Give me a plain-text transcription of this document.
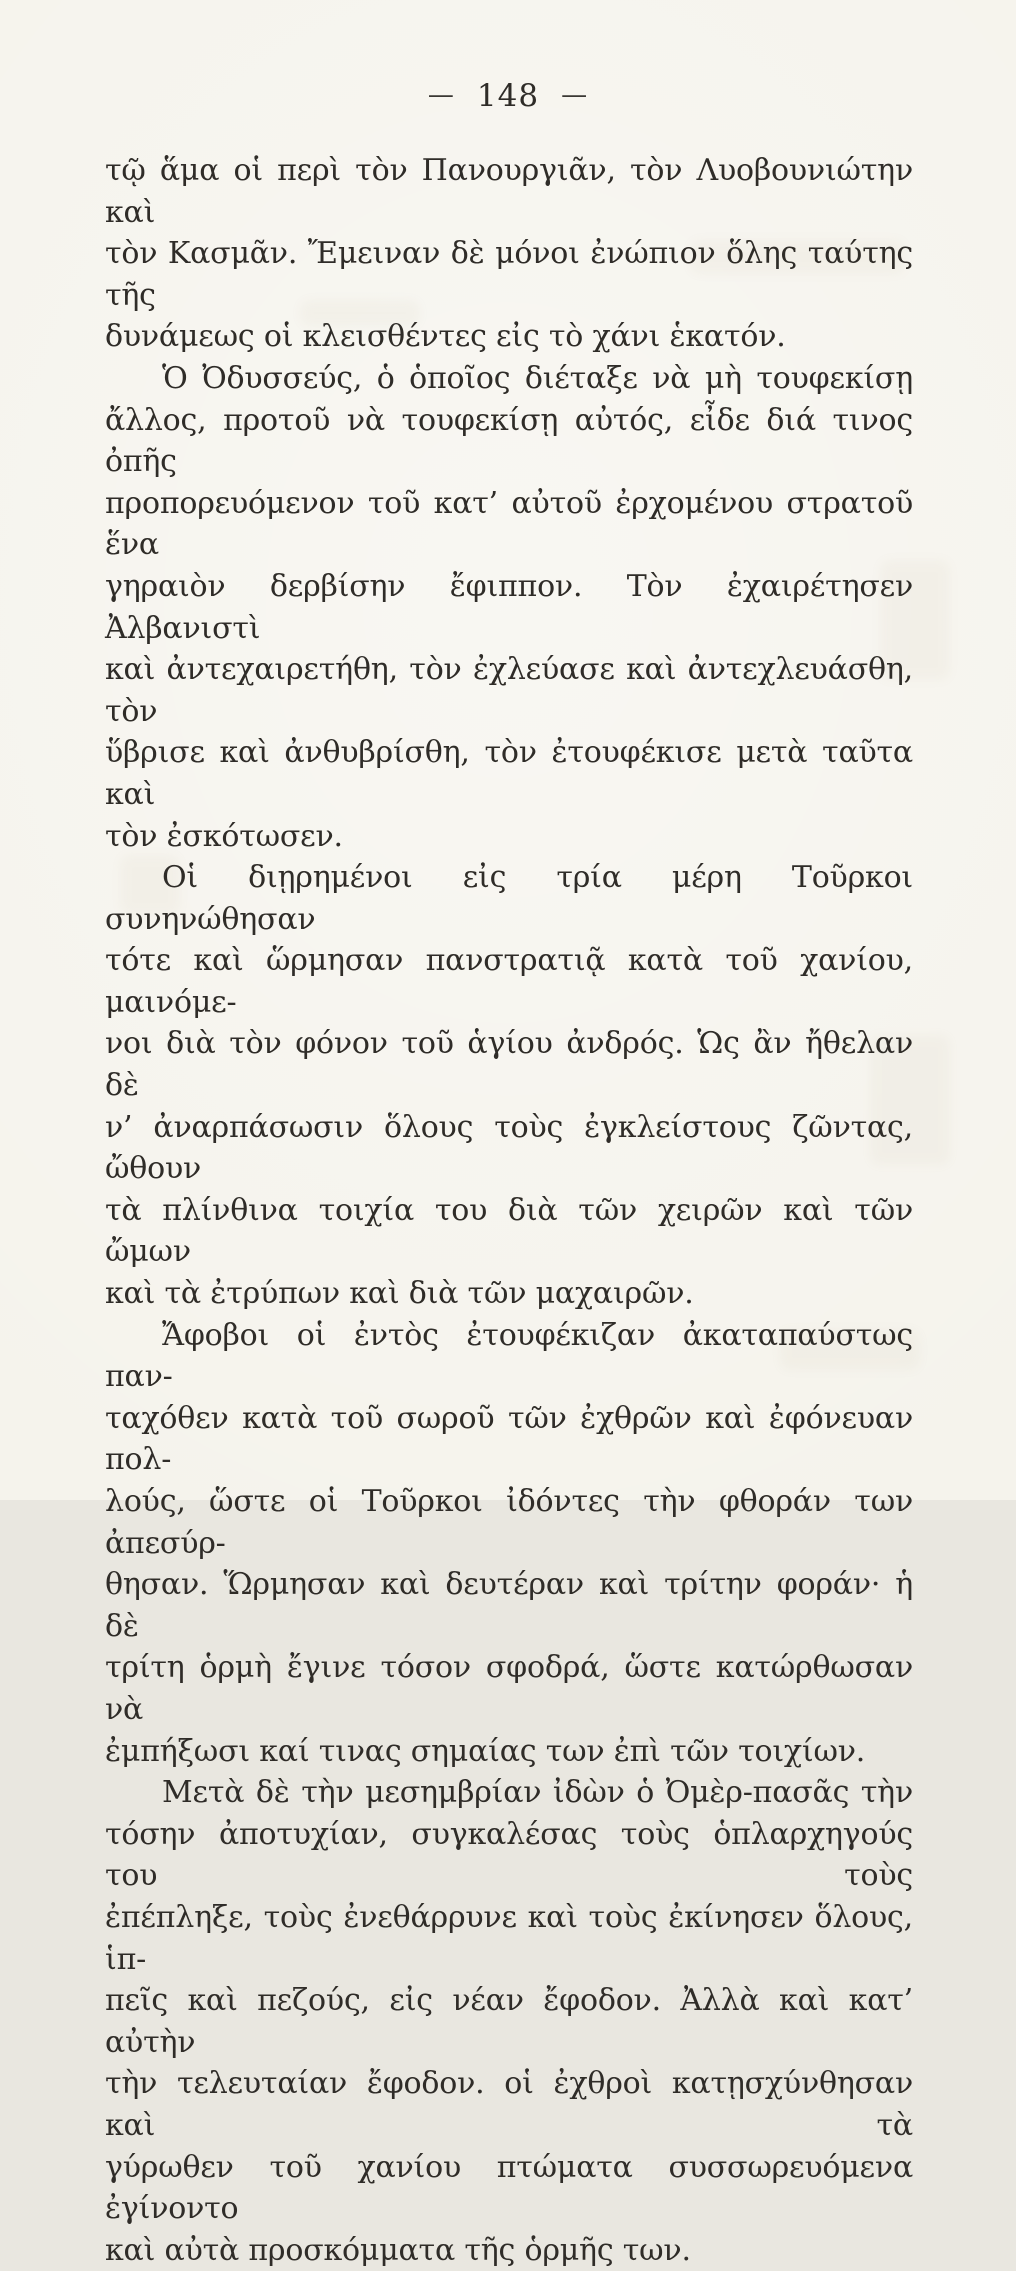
— 148 —
τῷ ἅμα οἱ περὶ τὸν Πανουργιᾶν, τὸν Λυοβουνιώτην καὶ
τὸν Κασμᾶν. Ἔμειναν δὲ μόνοι ἐνώπιον ὅλης ταύτης τῆς
δυνάμεως οἱ κλεισθέντες εἰς τὸ χάνι ἑκατόν.
Ὁ Ὀδυσσεύς, ὁ ὁποῖος διέταξε νὰ μὴ τουφεκίσῃ
ἄλλος, προτοῦ νὰ τουφεκίσῃ αὐτός, εἶδε διά τινος ὀπῆς
προπορευόμενον τοῦ κατ’ αὐτοῦ ἐρχομένου στρατοῦ ἕνα
γηραιὸν δερβίσην ἔφιππον. Τὸν ἐχαιρέτησεν Ἀλβανιστὶ
καὶ ἀντεχαιρετήθη, τὸν ἐχλεύασε καὶ ἀντεχλευάσθη, τὸν
ὕβρισε καὶ ἀνθυβρίσθη, τὸν ἐτουφέκισε μετὰ ταῦτα καὶ
τὸν ἐσκότωσεν.
Οἱ διῃρημένοι εἰς τρία μέρη Τοῦρκοι συνηνώθησαν
τότε καὶ ὥρμησαν πανστρατιᾷ κατὰ τοῦ χανίου, μαινόμε-
νοι διὰ τὸν φόνον τοῦ ἁγίου ἀνδρός. Ὡς ἂν ἤθελαν δὲ
ν’ ἀναρπάσωσιν ὅλους τοὺς ἐγκλείστους ζῶντας, ὤθουν
τὰ πλίνθινα τοιχία του διὰ τῶν χειρῶν καὶ τῶν ὤμων
καὶ τὰ ἐτρύπων καὶ διὰ τῶν μαχαιρῶν.
Ἄφοβοι οἱ ἐντὸς ἐτουφέκιζαν ἀκαταπαύστως παν-
ταχόθεν κατὰ τοῦ σωροῦ τῶν ἐχθρῶν καὶ ἐφόνευαν πολ-
λούς, ὥστε οἱ Τοῦρκοι ἰδόντες τὴν φθοράν των ἀπεσύρ-
θησαν. Ὥρμησαν καὶ δευτέραν καὶ τρίτην φοράν· ἡ δὲ
τρίτη ὁρμὴ ἔγινε τόσον σφοδρά, ὥστε κατώρθωσαν νὰ
ἐμπήξωσι καί τινας σημαίας των ἐπὶ τῶν τοιχίων.
Μετὰ δὲ τὴν μεσημβρίαν ἰδὼν ὁ Ὀμὲρ-πασᾶς τὴν
τόσην ἀποτυχίαν, συγκαλέσας τοὺς ὁπλαρχηγούς του τοὺς
ἐπέπληξε, τοὺς ἐνεθάρρυνε καὶ τοὺς ἐκίνησεν ὅλους, ἱπ-
πεῖς καὶ πεζούς, εἰς νέαν ἔφοδον. Ἀλλὰ καὶ κατ’ αὐτὴν
τὴν τελευταίαν ἔφοδον. οἱ ἐχθροὶ κατῃσχύνθησαν καὶ τὰ
γύρωθεν τοῦ χανίου πτώματα συσσωρευόμενα ἐγίνοντο
καὶ αὐτὰ προσκόμματα τῆς ὁρμῆς των.
